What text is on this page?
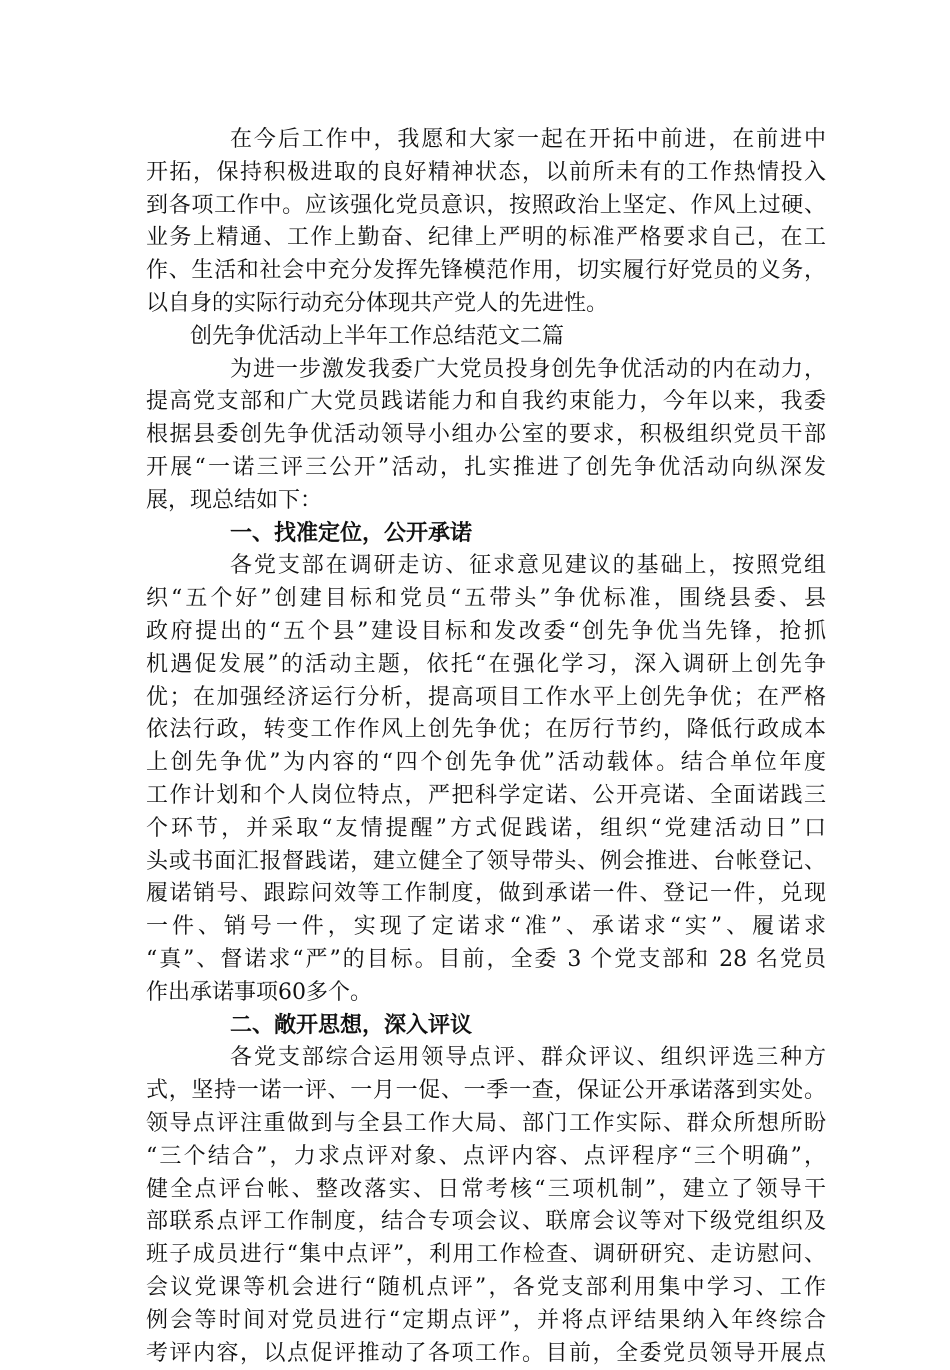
在今后工作中，我愿和大家一起在开拓中前进，在前进中
开拓，保持积极进取的良好精神状态，以前所未有的工作热情投入
到各项工作中。应该强化党员意识，按照政治上坚定、作风上过硬、
业务上精通、工作上勤奋、纪律上严明的标准严格要求自己，在工
作、生活和社会中充分发挥先锋模范作用，切实履行好党员的义务，
以自身的实际行动充分体现共产党人的先进性。
创先争优活动上半年工作总结范文二篇
为进一步激发我委广大党员投身创先争优活动的内在动力，
提高党支部和广大党员践诺能力和自我约束能力，今年以来，我委
根据县委创先争优活动领导小组办公室的要求，积极组织党员干部
开展“一诺三评三公开”活动，扎实推进了创先争优活动向纵深发
展，现总结如下：
一、找准定位，公开承诺
各党支部在调研走访、征求意见建议的基础上，按照党组
织“五个好”创建目标和党员“五带头”争优标准，围绕县委、县
政府提出的“五个县”建设目标和发改委“创先争优当先锋，抢抓
机遇促发展”的活动主题，依托“在强化学习，深入调研上创先争
优；在加强经济运行分析，提高项目工作水平上创先争优；在严格
依法行政，转变工作作风上创先争优；在厉行节约，降低行政成本
上创先争优”为内容的“四个创先争优”活动载体。结合单位年度
工作计划和个人岗位特点，严把科学定诺、公开亮诺、全面诺践三
个环节，并采取“友情提醒”方式促践诺，组织“党建活动日”口
头或书面汇报督践诺，建立健全了领导带头、例会推进、台帐登记、
履诺销号、跟踪问效等工作制度，做到承诺一件、登记一件，兑现
一件、销号一件，实现了定诺求“准”、承诺求“实”、履诺求
“真”、督诺求“严”的目标。目前，全委 3 个党支部和 28 名党员
作出承诺事项60多个。
二、敞开思想，深入评议
各党支部综合运用领导点评、群众评议、组织评选三种方
式，坚持一诺一评、一月一促、一季一查，保证公开承诺落到实处。
领导点评注重做到与全县工作大局、部门工作实际、群众所想所盼
“三个结合”，力求点评对象、点评内容、点评程序“三个明确”，
健全点评台帐、整改落实、日常考核“三项机制”，建立了领导干
部联系点评工作制度，结合专项会议、联席会议等对下级党组织及
班子成员进行“集中点评”，利用工作检查、调研研究、走访慰问、
会议党课等机会进行“随机点评”，各党支部利用集中学习、工作
例会等时间对党员进行“定期点评”，并将点评结果纳入年终综合
考评内容，以点促评推动了各项工作。目前，全委党员领导开展点
